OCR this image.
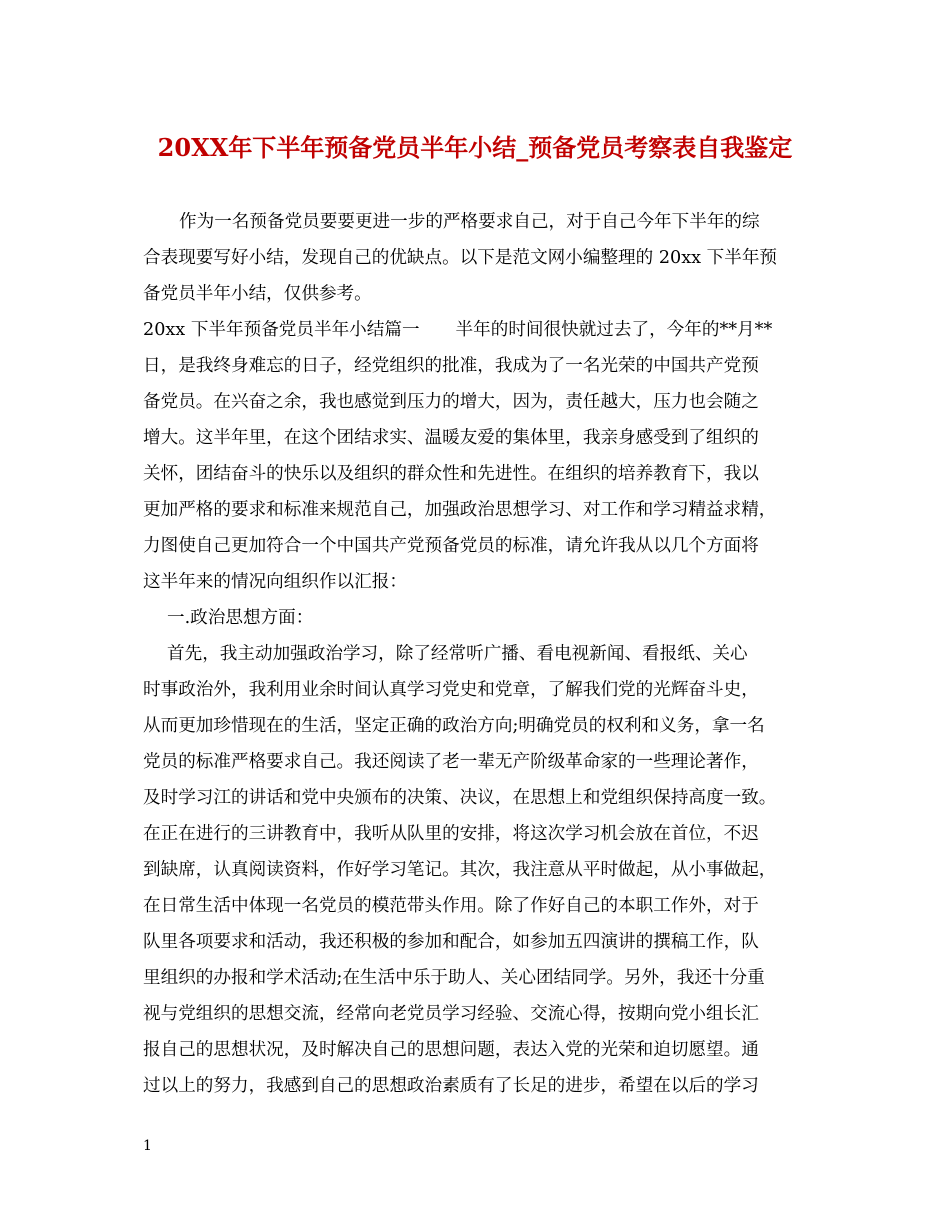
20XX年下半年预备党员半年小结_预备党员考察表自我鉴定
作为一名预备党员要要更进一步的严格要求自己，对于自己今年下半年的综
合表现要写好小结，发现自己的优缺点。以下是范文网小编整理的 20xx 下半年预
备党员半年小结，仅供参考。
20xx 下半年预备党员半年小结篇一 半年的时间很快就过去了，今年的**月**
日，是我终身难忘的日子，经党组织的批准，我成为了一名光荣的中国共产党预
备党员。在兴奋之余，我也感觉到压力的增大，因为，责任越大，压力也会随之
增大。这半年里，在这个团结求实、温暖友爱的集体里，我亲身感受到了组织的
关怀，团结奋斗的快乐以及组织的群众性和先进性。在组织的培养教育下，我以
更加严格的要求和标准来规范自己，加强政治思想学习、对工作和学习精益求精，
力图使自己更加符合一个中国共产党预备党员的标准，请允许我从以几个方面将
这半年来的情况向组织作以汇报：
一.政治思想方面：
首先，我主动加强政治学习，除了经常听广播、看电视新闻、看报纸、关心
时事政治外，我利用业余时间认真学习党史和党章，了解我们党的光辉奋斗史，
从而更加珍惜现在的生活，坚定正确的政治方向;明确党员的权利和义务，拿一名
党员的标准严格要求自己。我还阅读了老一辈无产阶级革命家的一些理论著作，
及时学习江的讲话和党中央颁布的决策、决议，在思想上和党组织保持高度一致。
在正在进行的三讲教育中，我听从队里的安排，将这次学习机会放在首位，不迟
到缺席，认真阅读资料，作好学习笔记。其次，我注意从平时做起，从小事做起，
在日常生活中体现一名党员的模范带头作用。除了作好自己的本职工作外，对于
队里各项要求和活动，我还积极的参加和配合，如参加五四演讲的撰稿工作，队
里组织的办报和学术活动;在生活中乐于助人、关心团结同学。另外，我还十分重
视与党组织的思想交流，经常向老党员学习经验、交流心得，按期向党小组长汇
报自己的思想状况，及时解决自己的思想问题，表达入党的光荣和迫切愿望。通
过以上的努力，我感到自己的思想政治素质有了长足的进步，希望在以后的学习
1
